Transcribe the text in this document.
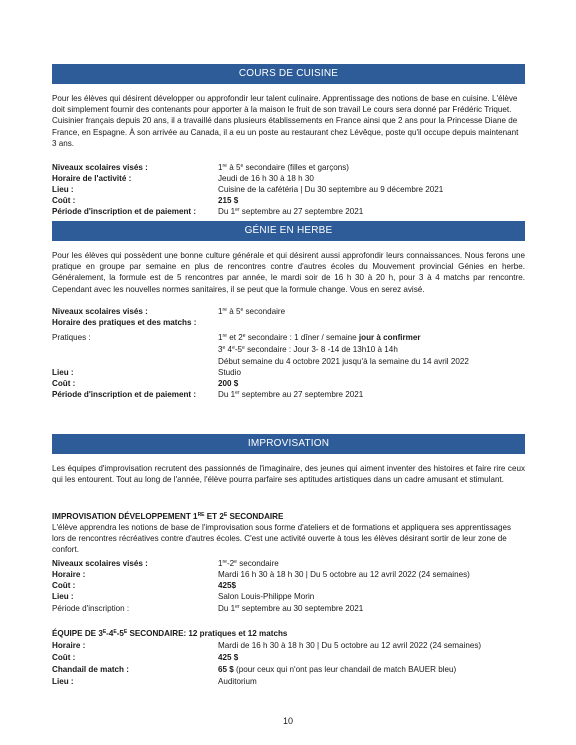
COURS DE CUISINE

Pour les élèves qui désirent développer ou approfondir leur talent culinaire. Apprentissage des notions de base en cuisine. L'élève doit simplement fournir des contenants pour apporter à la maison le fruit de son travail Le cours sera donné par Frédéric Triquet. Cuisinier français depuis 20 ans, il a travaillé dans plusieurs établissements en France ainsi que 2 ans pour la Princesse Diane de France, en Espagne. À son arrivée au Canada, il a eu un poste au restaurant chez Lévêque, poste qu'il occupe depuis maintenant 3 ans.

Niveaux scolaires visés :	1re à 5e secondaire (filles et garçons)
Horaire de l'activité :	Jeudi de 16 h 30 à 18 h 30
Lieu :	Cuisine de la cafétéria | Du 30 septembre au 9 décembre 2021
Coût :	215 $
Période d'inscription et de paiement :	Du 1er septembre au 27 septembre 2021
GÉNIE EN HERBE

Pour les élèves qui possèdent une bonne culture générale et qui désirent aussi approfondir leurs connaissances. Nous ferons une pratique en groupe par semaine en plus de rencontres contre d'autres écoles du Mouvement provincial Génies en herbe. Généralement, la formule est de 5 rencontres par année, le mardi soir de 16 h 30 à 20 h, pour 3 à 4 matchs par rencontre. Cependant avec les nouvelles normes sanitaires, il se peut que la formule change. Vous en serez avisé.

Niveaux scolaires visés :	1re à 5e secondaire
Horaire des pratiques et des matchs :
Pratiques :	1re et 2e secondaire : 1 dîner / semaine jour à confirmer
3e 4e-5e secondaire : Jour 3- 8 -14 de 13h10 à 14h
Début semaine du 4 octobre 2021 jusqu'à la semaine du 14 avril 2022
Lieu :	Studio
Coût :	200 $
Période d'inscription et de paiement :	Du 1er septembre au 27 septembre 2021
IMPROVISATION

Les équipes d'improvisation recrutent des passionnés de l'imaginaire, des jeunes qui aiment inventer des histoires et faire rire ceux qui les entourent. Tout au long de l'année, l'élève pourra parfaire ses aptitudes artistiques dans un cadre amusant et stimulant.

IMPROVISATION DÉVELOPPEMENT 1RE ET $2^E$ SECONDAIRE

L'élève apprendra les notions de base de l'improvisation sous forme d'ateliers et de formations et appliquera ses apprentissages lors de rencontres récréatives contre d'autres écoles. C'est une activité ouverte à tous les élèves désirant sortir de leur zone de confort.

Niveaux scolaires visés :	1re-2e secondaire
Horaire :	Mardi 16 h 30 à 18 h 30 | Du 5 octobre au 12 avril 2022 (24 semaines)
Coût :	425$
Lieu :	Salon Louis-Philippe Morin
Période d'inscription :	Du 1er septembre au 30 septembre 2021
ÉQUIPE DE $3^E-4^E-5^E$ SECONDAIRE: 12 pratiques et 12 matchs
Horaire :	Mardi de 16 h 30 à 18 h 30 | Du 5 octobre au 12 avril 2022 (24 semaines)
Coût :	425 $
Chandail de match :	65 $ (pour ceux qui n'ont pas leur chandail de match BAUER bleu)
Lieu :	Auditorium
10
